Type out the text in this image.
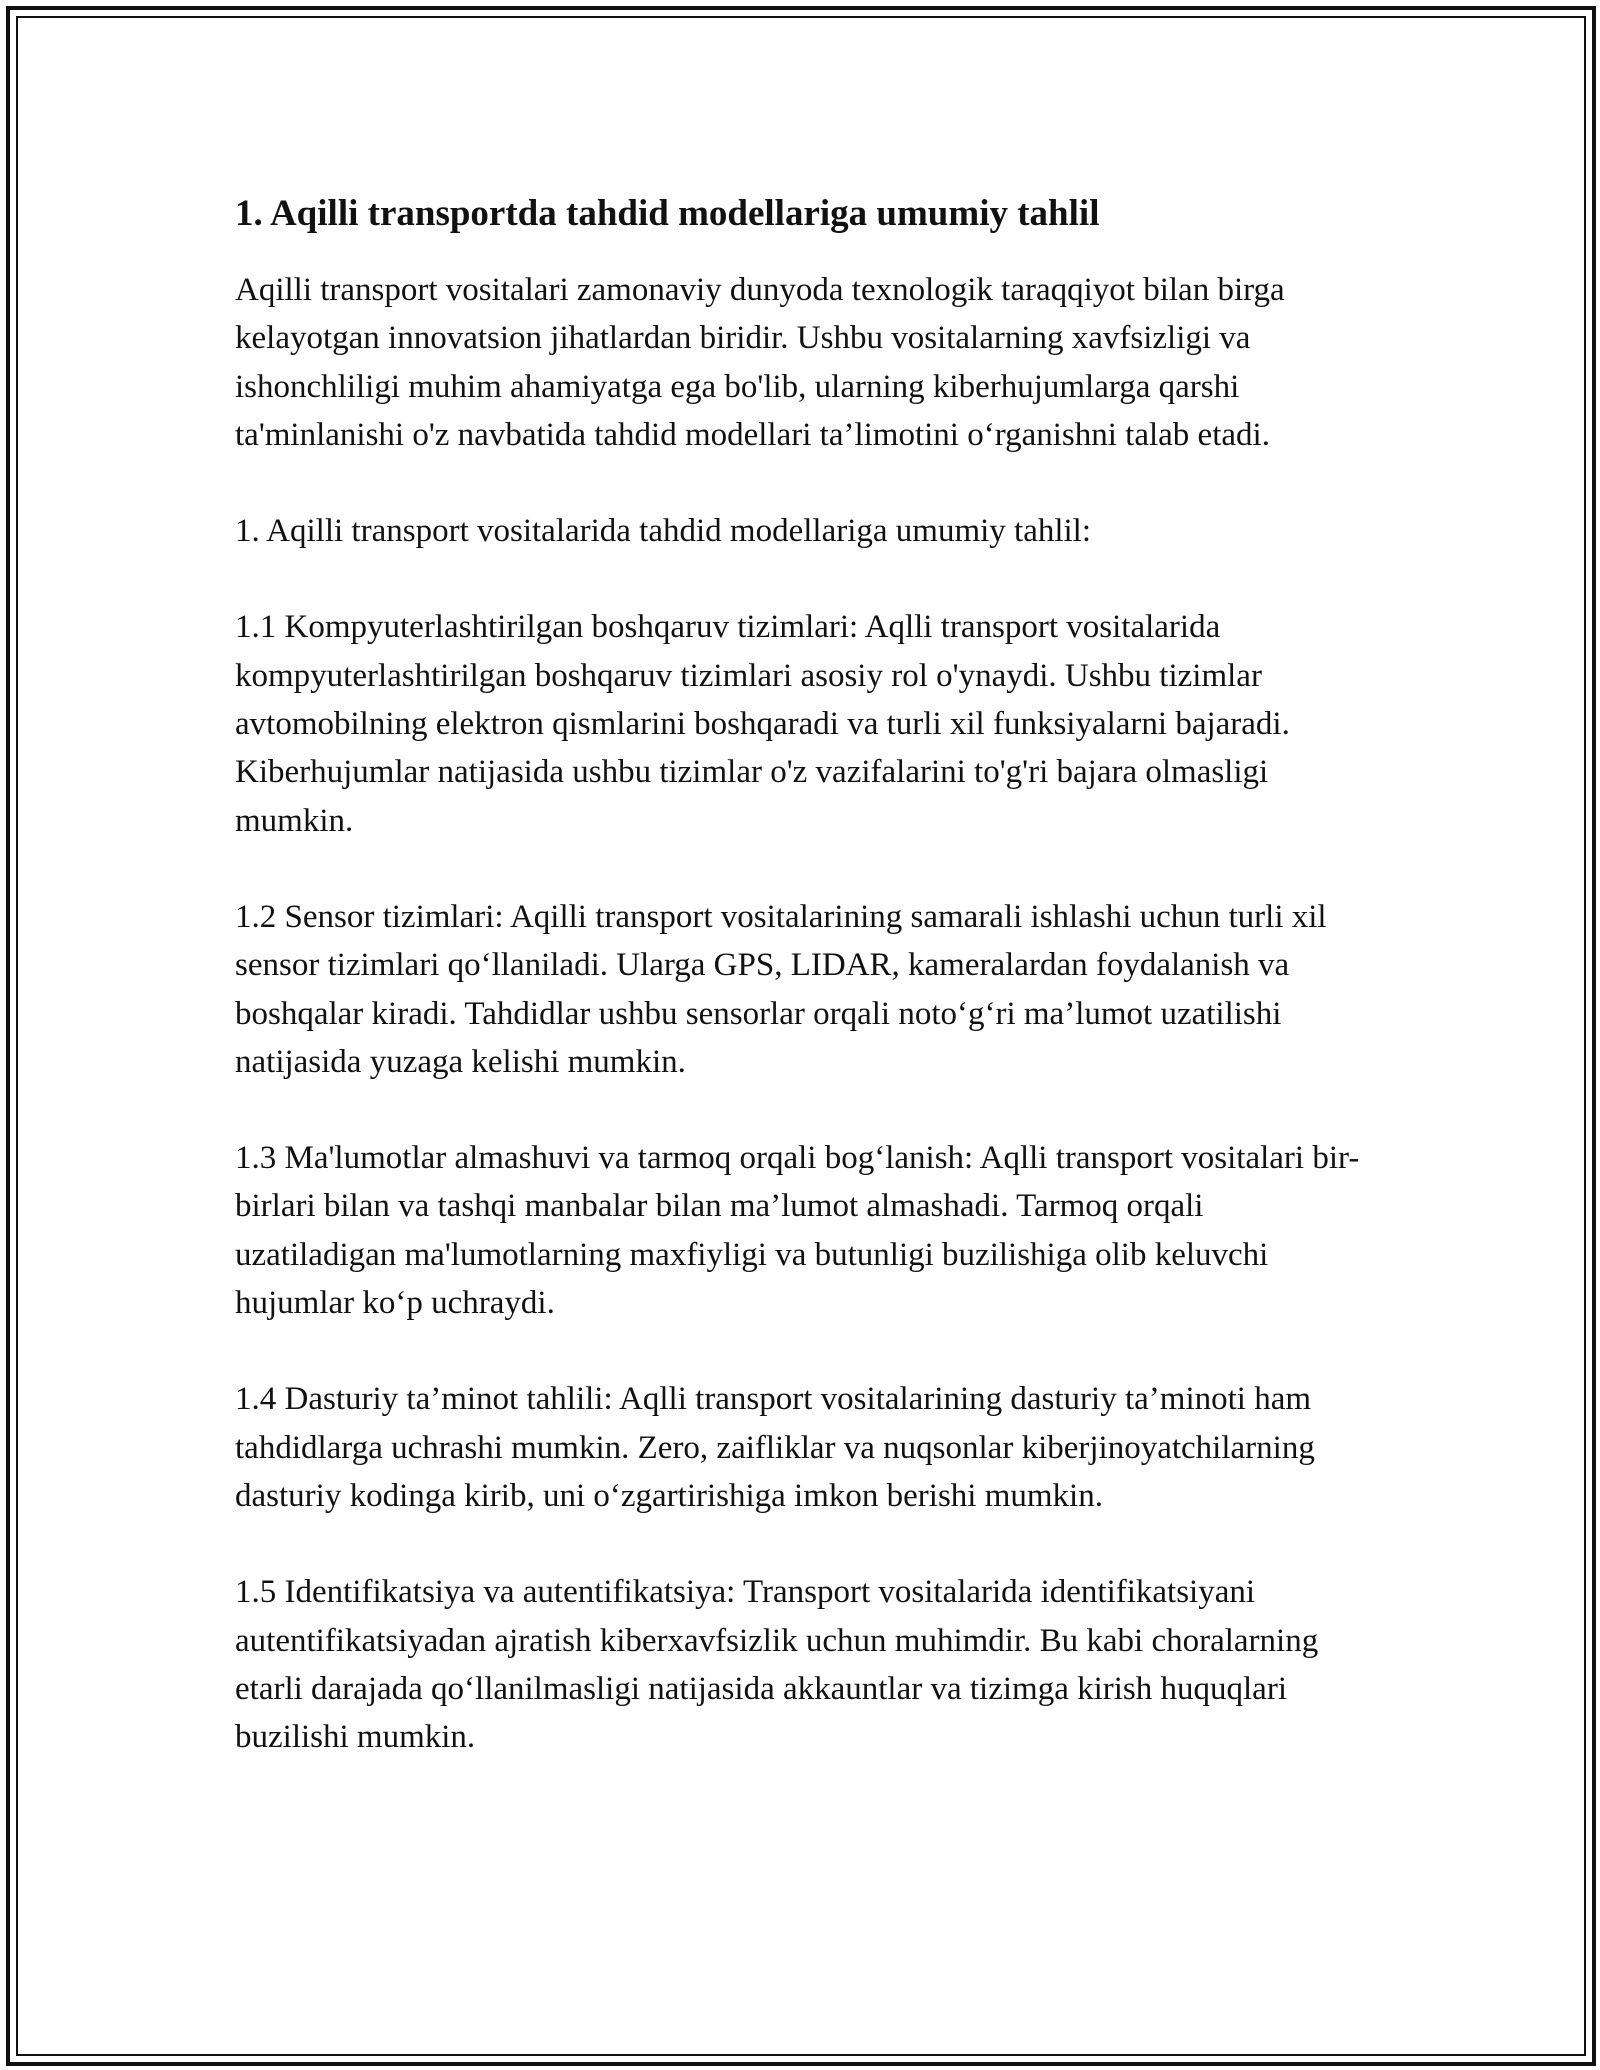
1. Aqilli transportda tahdid modellariga umumiy tahlil

Aqilli transport vositalari zamonaviy dunyoda texnologik taraqqiyot bilan birga kelayotgan innovatsion jihatlardan biridir. Ushbu vositalarning xavfsizligi va ishonchliligi muhim ahamiyatga ega bo'lib, ularning kiberhujumlarga qarshi ta'minlanishi o'z navbatida tahdid modellari ta’limotini o‘rganishni talab etadi.

1. Aqilli transport vositalarida tahdid modellariga umumiy tahlil:

1.1 Kompyuterlashtirilgan boshqaruv tizimlari: Aqlli transport vositalarida kompyuterlashtirilgan boshqaruv tizimlari asosiy rol o'ynaydi. Ushbu tizimlar avtomobilning elektron qismlarini boshqaradi va turli xil funksiyalarni bajaradi. Kiberhujumlar natijasida ushbu tizimlar o'z vazifalarini to'g'ri bajara olmasligi mumkin.

1.2 Sensor tizimlari: Aqilli transport vositalarining samarali ishlashi uchun turli xil sensor tizimlari qo‘llaniladi. Ularga GPS, LIDAR, kameralardan foydalanish va boshqalar kiradi. Tahdidlar ushbu sensorlar orqali noto‘g‘ri ma’lumot uzatilishi natijasida yuzaga kelishi mumkin.

1.3 Ma'lumotlar almashuvi va tarmoq orqali bog‘lanish: Aqlli transport vositalari bir-birlari bilan va tashqi manbalar bilan ma’lumot almashadi. Tarmoq orqali uzatiladigan ma'lumotlarning maxfiyligi va butunligi buzilishiga olib keluvchi hujumlar ko‘p uchraydi.

1.4 Dasturiy ta’minot tahlili: Aqlli transport vositalarining dasturiy ta’minoti ham tahdidlarga uchrashi mumkin. Zero, zaifliklar va nuqsonlar kiberjinoyatchilarning dasturiy kodinga kirib, uni o‘zgartirishiga imkon berishi mumkin.

1.5 Identifikatsiya va autentifikatsiya: Transport vositalarida identifikatsiyani autentifikatsiyadan ajratish kiberxavfsizlik uchun muhimdir. Bu kabi choralarning etarli darajada qo‘llanilmasligi natijasida akkauntlar va tizimga kirish huquqlari buzilishi mumkin.
